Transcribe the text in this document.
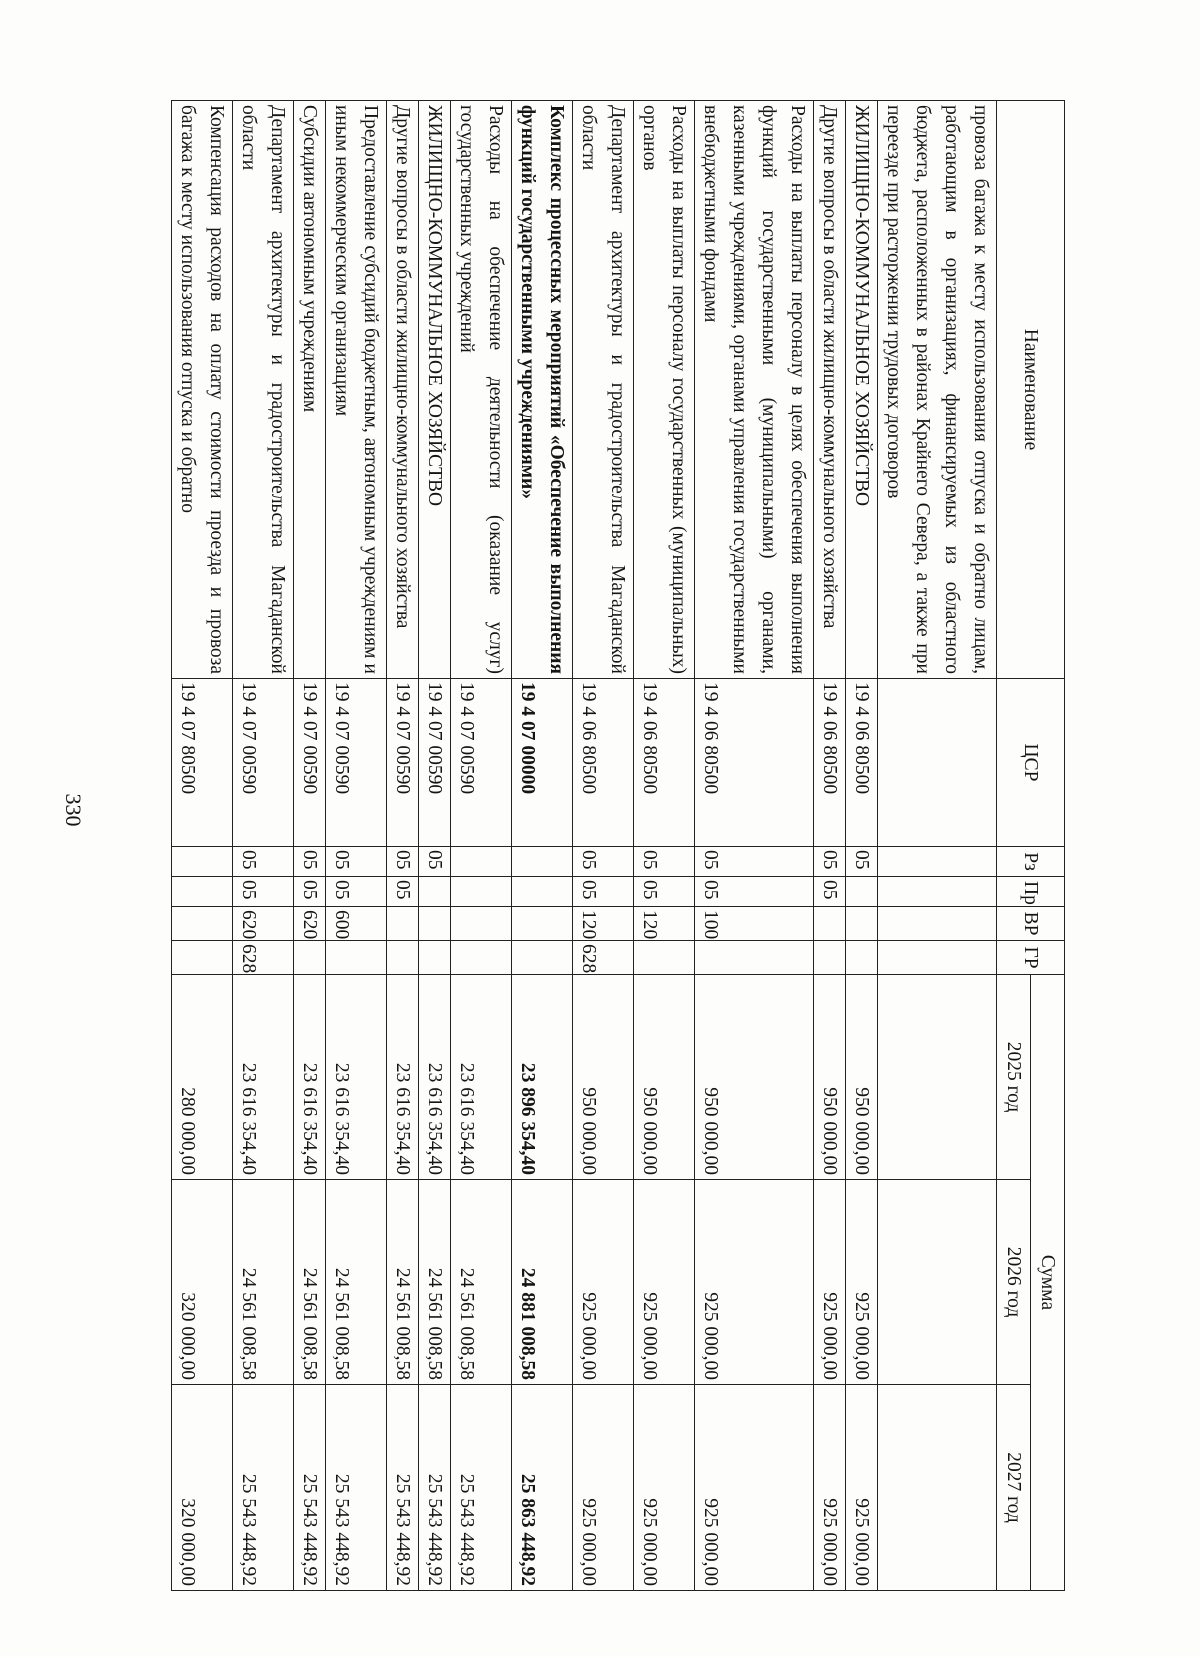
330
Наименование	ЦСР	Рз	Пр	ВР	ГР	Сумма		
						2025 год	2026 год	2027 год
провоза багажа к месту использования отпуска и обратно лицам, работающим в организациях, финансируемых из областного бюджета, расположенных в районах Крайнего Севера, а также при переезде при расторжении трудовых договоров								
ЖИЛИЩНО-КОММУНАЛЬНОЕ ХОЗЯЙСТВО	19 4 06 80500	05				950 000,00	925 000,00	925 000,00
Другие вопросы в области жилищно-коммунального хозяйства	19 4 06 80500	05	05			950 000,00	925 000,00	925 000,00
Расходы на выплаты персоналу в целях обеспечения выполнения функций государственными (муниципальными) органами, казенными учреждениями, органами управления государственными внебюджетными фондами	19 4 06 80500	05	05	100		950 000,00	925 000,00	925 000,00
Расходы на выплаты персоналу государственных (муниципальных) органов	19 4 06 80500	05	05	120		950 000,00	925 000,00	925 000,00
Департамент архитектуры и градостроительства Магаданской области	19 4 06 80500	05	05	120	628	950 000,00	925 000,00	925 000,00
Комплекс процессных мероприятий «Обеспечение выполнения функций государственными учреждениями»	19 4 07 00000					23 896 354,40	24 881 008,58	25 863 448,92
Расходы на обеспечение деятельности (оказание услуг) государственных учреждений	19 4 07 00590					23 616 354,40	24 561 008,58	25 543 448,92
ЖИЛИЩНО-КОММУНАЛЬНОЕ ХОЗЯЙСТВО	19 4 07 00590	05				23 616 354,40	24 561 008,58	25 543 448,92
Другие вопросы в области жилищно-коммунального хозяйства	19 4 07 00590	05	05			23 616 354,40	24 561 008,58	25 543 448,92
Предоставление субсидий бюджетным, автономным учреждениям и иным некоммерческим организациям	19 4 07 00590	05	05	600		23 616 354,40	24 561 008,58	25 543 448,92
Субсидии автономным учреждениям	19 4 07 00590	05	05	620		23 616 354,40	24 561 008,58	25 543 448,92
Департамент архитектуры и градостроительства Магаданской области	19 4 07 00590	05	05	620	628	23 616 354,40	24 561 008,58	25 543 448,92
Компенсация расходов на оплату стоимости проезда и провоза багажа к месту использования отпуска и обратно	19 4 07 80500					280 000,00	320 000,00	320 000,00
